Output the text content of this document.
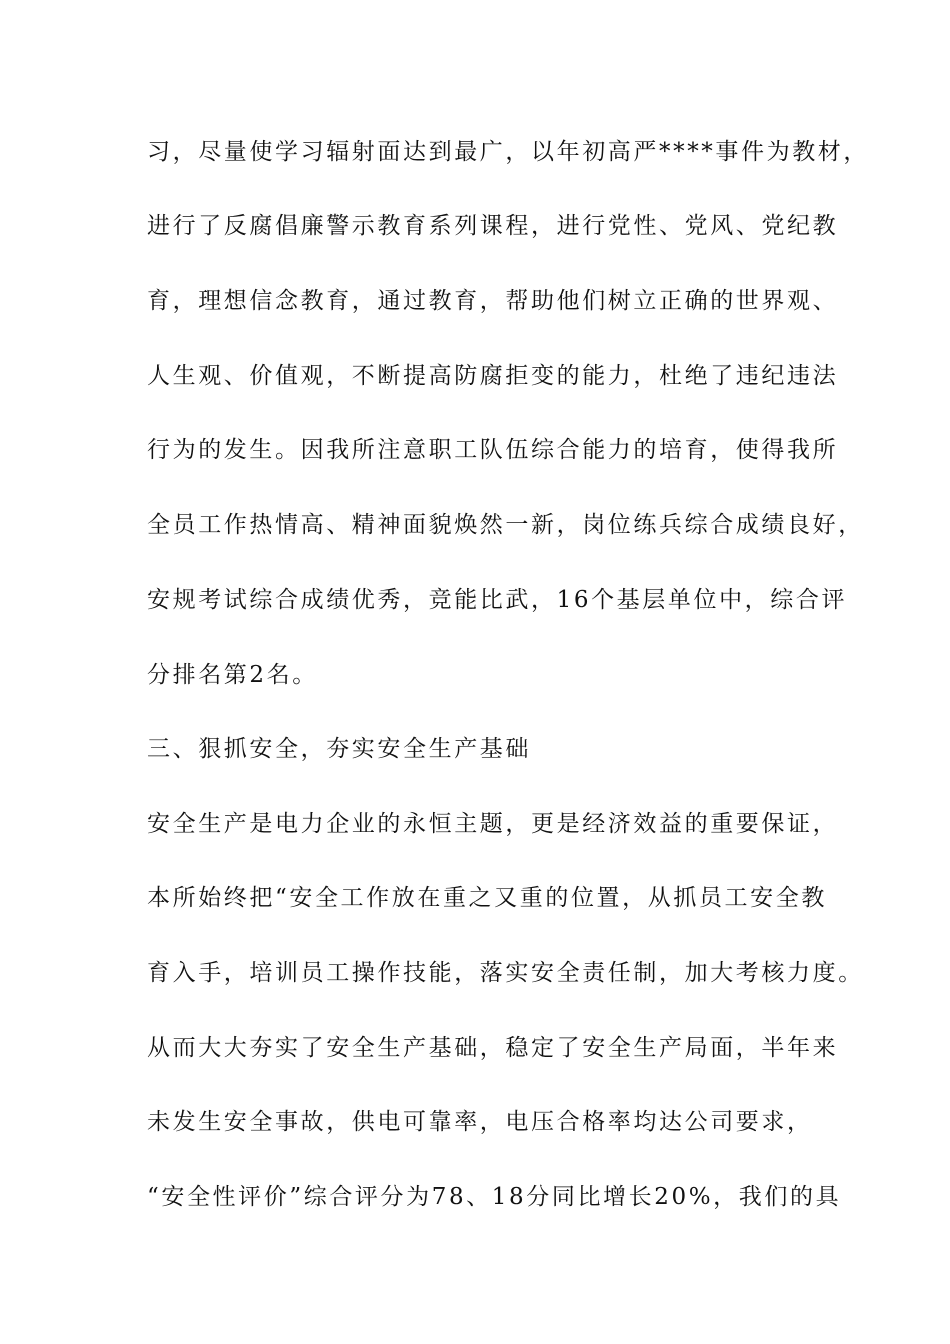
习，尽量使学习辐射面达到最广，以年初高严****事件为教材，
进行了反腐倡廉警示教育系列课程，进行党性、党风、党纪教
育，理想信念教育，通过教育，帮助他们树立正确的世界观、
人生观、价值观，不断提高防腐拒变的能力，杜绝了违纪违法
行为的发生。因我所注意职工队伍综合能力的培育，使得我所
全员工作热情高、精神面貌焕然一新，岗位练兵综合成绩良好，
安规考试综合成绩优秀，竞能比武，16个基层单位中，综合评
分排名第2名。
三、狠抓安全，夯实安全生产基础
安全生产是电力企业的永恒主题，更是经济效益的重要保证，
本所始终把“安全工作放在重之又重的位置，从抓员工安全教
育入手，培训员工操作技能，落实安全责任制，加大考核力度。
从而大大夯实了安全生产基础，稳定了安全生产局面，半年来
未发生安全事故，供电可靠率，电压合格率均达公司要求，
“安全性评价”综合评分为78、18分同比增长20%，我们的具
